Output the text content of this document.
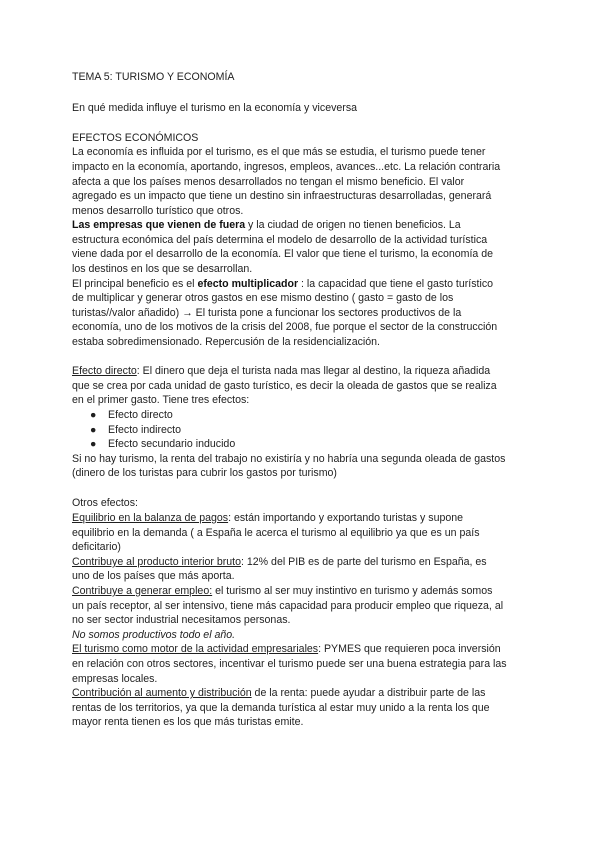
TEMA 5: TURISMO Y ECONOMÍA
En qué medida influye el turismo en la economía y viceversa
EFECTOS ECONÓMICOS
La economía es influida por el turismo, es el que más se estudia, el turismo puede tener
impacto en la economía, aportando, ingresos, empleos, avances...etc. La relación contraria
afecta a que los países menos desarrollados no tengan el mismo beneficio. El valor
agregado es un impacto que tiene un destino sin infraestructuras desarrolladas, generará
menos desarrollo turístico que otros.
Las empresas que vienen de fuera y la ciudad de origen no tienen beneficios. La
estructura económica del país determina el modelo de desarrollo de la actividad turística
viene dada por el desarrollo de la economía. El valor que tiene el turismo, la economía de
los destinos en los que se desarrollan.
El principal beneficio es el efecto multiplicador : la capacidad que tiene el gasto turístico
de multiplicar y generar otros gastos en ese mismo destino ( gasto = gasto de los
turistas//valor añadido) → El turista pone a funcionar los sectores productivos de la
economía, uno de los motivos de la crisis del 2008, fue porque el sector de la construcción
estaba sobredimensionado. Repercusión de la residencialización.
Efecto directo: El dinero que deja el turista nada mas llegar al destino, la riqueza añadida
que se crea por cada unidad de gasto turístico, es decir la oleada de gastos que se realiza
en el primer gasto. Tiene tres efectos:
● Efecto directo
● Efecto indirecto
● Efecto secundario inducido
Si no hay turismo, la renta del trabajo no existiría y no habría una segunda oleada de gastos
(dinero de los turistas para cubrir los gastos por turismo)
Otros efectos:
Equilibrio en la balanza de pagos: están importando y exportando turistas y supone
equilibrio en la demanda ( a España le acerca el turismo al equilibrio ya que es un país
deficitario)
Contribuye al producto interior bruto: 12% del PIB es de parte del turismo en España, es
uno de los países que más aporta.
Contribuye a generar empleo: el turismo al ser muy instintivo en turismo y además somos
un país receptor, al ser intensivo, tiene más capacidad para producir empleo que riqueza, al
no ser sector industrial necesitamos personas.
No somos productivos todo el año.
El turismo como motor de la actividad empresariales: PYMES que requieren poca inversión
en relación con otros sectores, incentivar el turismo puede ser una buena estrategia para las
empresas locales.
Contribución al aumento y distribución de la renta: puede ayudar a distribuir parte de las
rentas de los territorios, ya que la demanda turística al estar muy unido a la renta los que
mayor renta tienen es los que más turistas emite.
